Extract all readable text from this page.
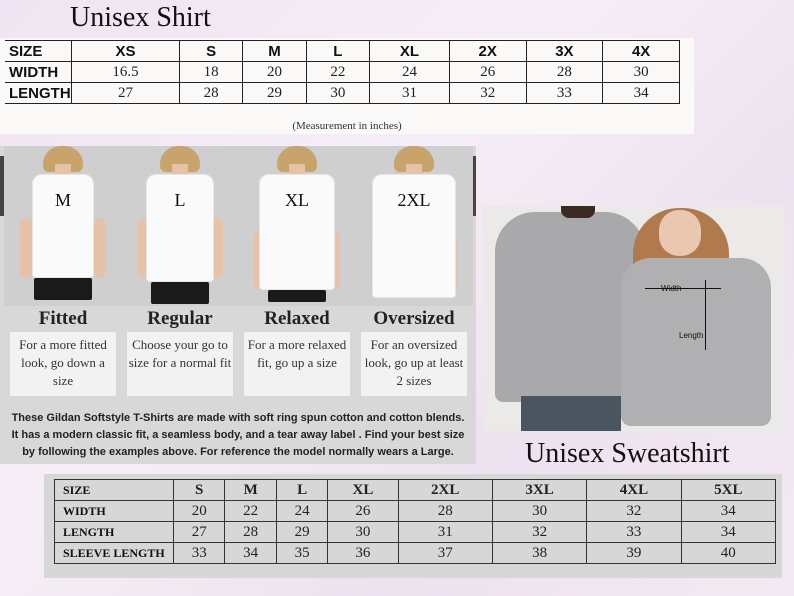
Unisex Shirt
SIZE	XS	S	M	L	XL	2X	3X	4X
WIDTH	16.5	18	20	22	24	26	28	30
LENGTH	27	28	29	30	31	32	33	34
(Measurement in inches)
M
Fitted
For a more fitted look, go down a size
L
Regular
Choose your go to size for a normal fit
XL
Relaxed
For a more relaxed fit, go up a size
2XL
Oversized
For an oversized look, go up at least 2 sizes
These Gildan Softstyle T-Shirts are made with soft ring spun cotton and cotton blends. It has a modern classic fit, a seamless body, and a tear away label . Find your best size by following the examples above. For reference the model normally wears a Large.
Width
Length
Unisex Sweatshirt
SIZE	S	M	L	XL	2XL	3XL	4XL	5XL
WIDTH	20	22	24	26	28	30	32	34
LENGTH	27	28	29	30	31	32	33	34
SLEEVE LENGTH	33	34	35	36	37	38	39	40
